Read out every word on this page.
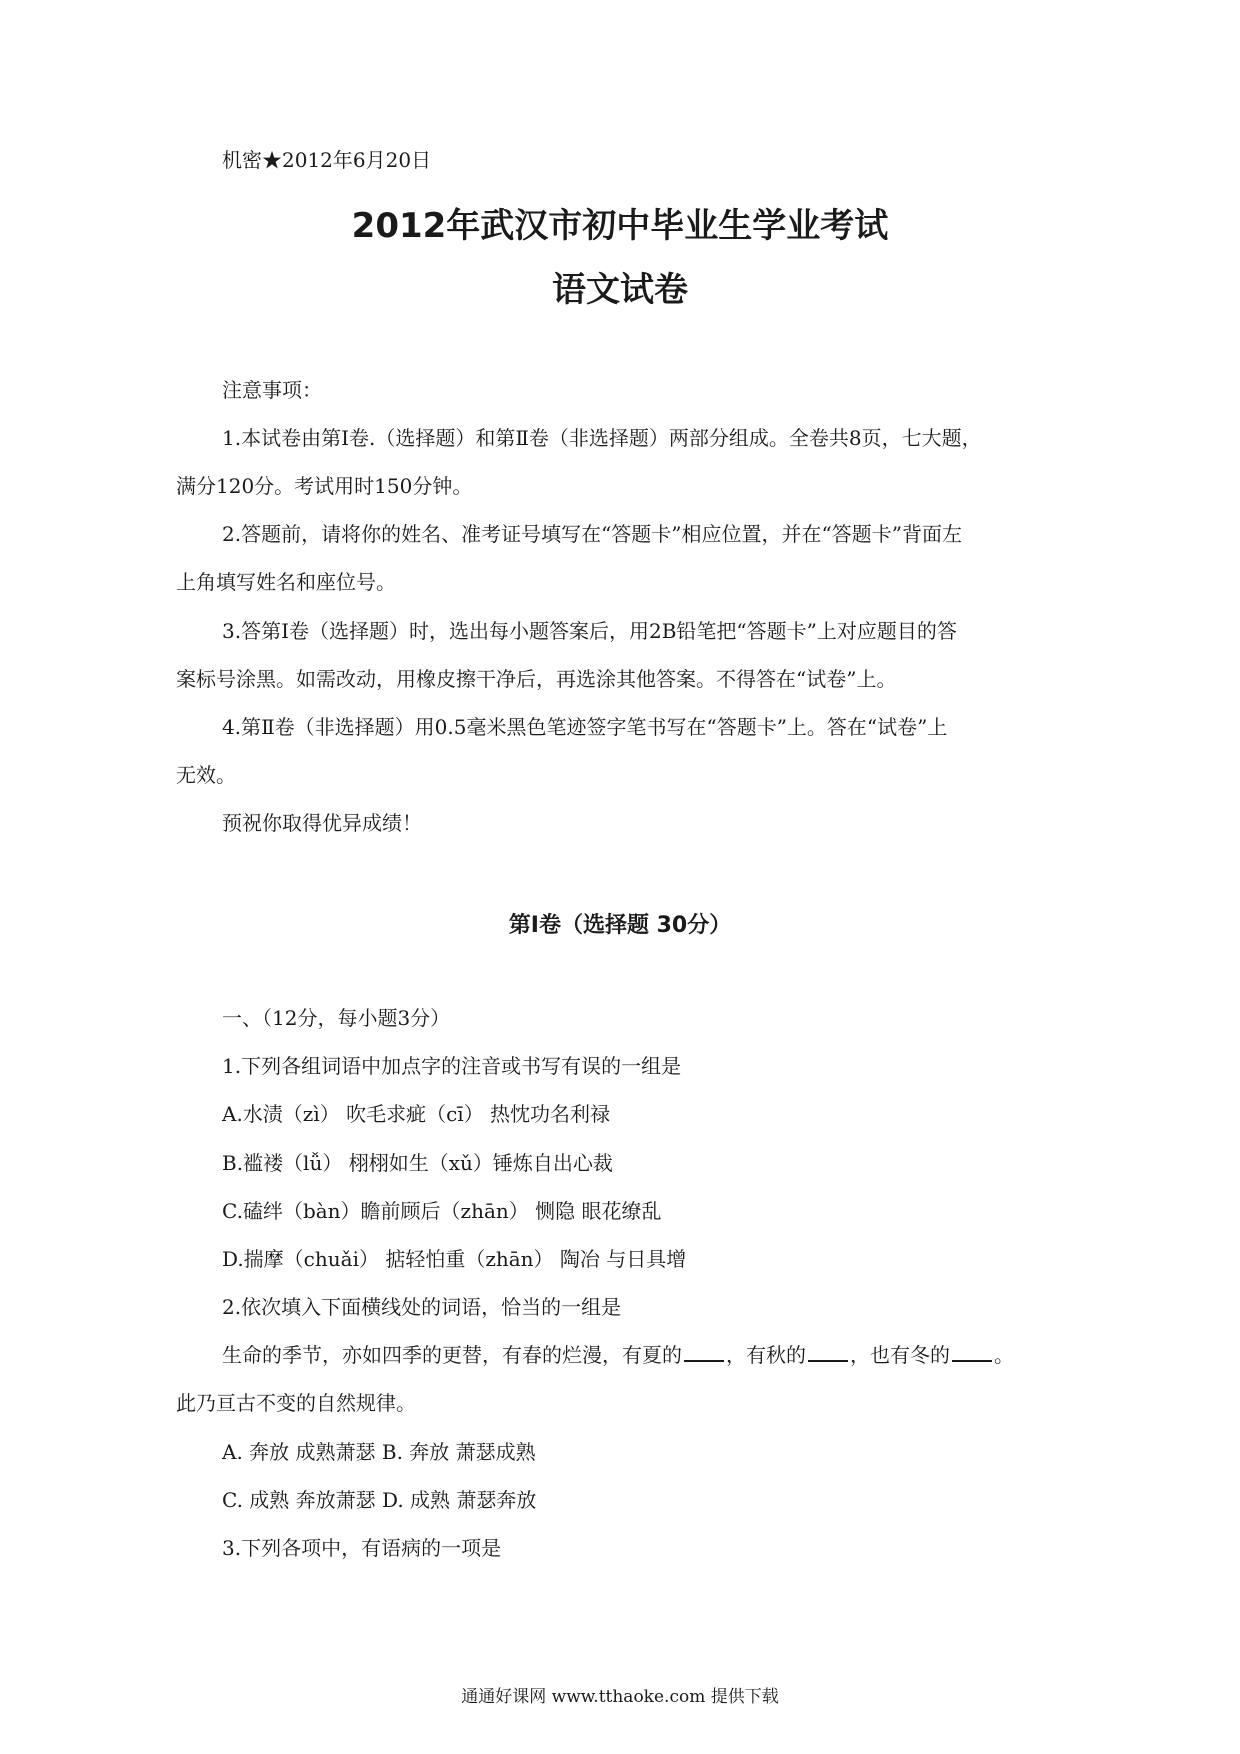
机密★2012年6月20日
2012年武汉市初中毕业生学业考试
语文试卷
注意事项：
1.本试卷由第Ⅰ卷.（选择题）和第Ⅱ卷（非选择题）两部分组成。全卷共8页，七大题，
满分120分。考试用时150分钟。
2.答题前，请将你的姓名、准考证号填写在“答题卡”相应位置，并在“答题卡”背面左
上角填写姓名和座位号。
3.答第Ⅰ卷（选择题）时，选出每小题答案后，用2B铅笔把“答题卡”上对应题目的答
案标号涂黑。如需改动，用橡皮擦干净后，再选涂其他答案。不得答在“试卷”上。
4.第Ⅱ卷（非选择题）用0.5毫米黑色笔迹签字笔书写在“答题卡”上。答在“试卷”上
无效。
预祝你取得优异成绩！
第Ⅰ卷（选择题 30分）
一、（12分，每小题3分）
1.下列各组词语中加点字的注音或书写有误的一组是
A.水渍（zì） 吹毛求疵（cī） 热忱功名利禄
B.褴褛（lǚ） 栩栩如生（xǔ）锤炼自出心裁
C.磕绊（bàn）瞻前顾后（zhān） 恻隐 眼花缭乱
D.揣摩（chuǎi） 掂轻怕重（zhān） 陶冶 与日具增
2.依次填入下面横线处的词语，恰当的一组是
生命的季节，亦如四季的更替，有春的烂漫，有夏的 ，有秋的 ，也有冬的 。
此乃亘古不变的自然规律。
A. 奔放 成熟萧瑟 B. 奔放 萧瑟成熟
C. 成熟 奔放萧瑟 D. 成熟 萧瑟奔放
3.下列各项中，有语病的一项是
通通好课网 www.tthaoke.com 提供下载
